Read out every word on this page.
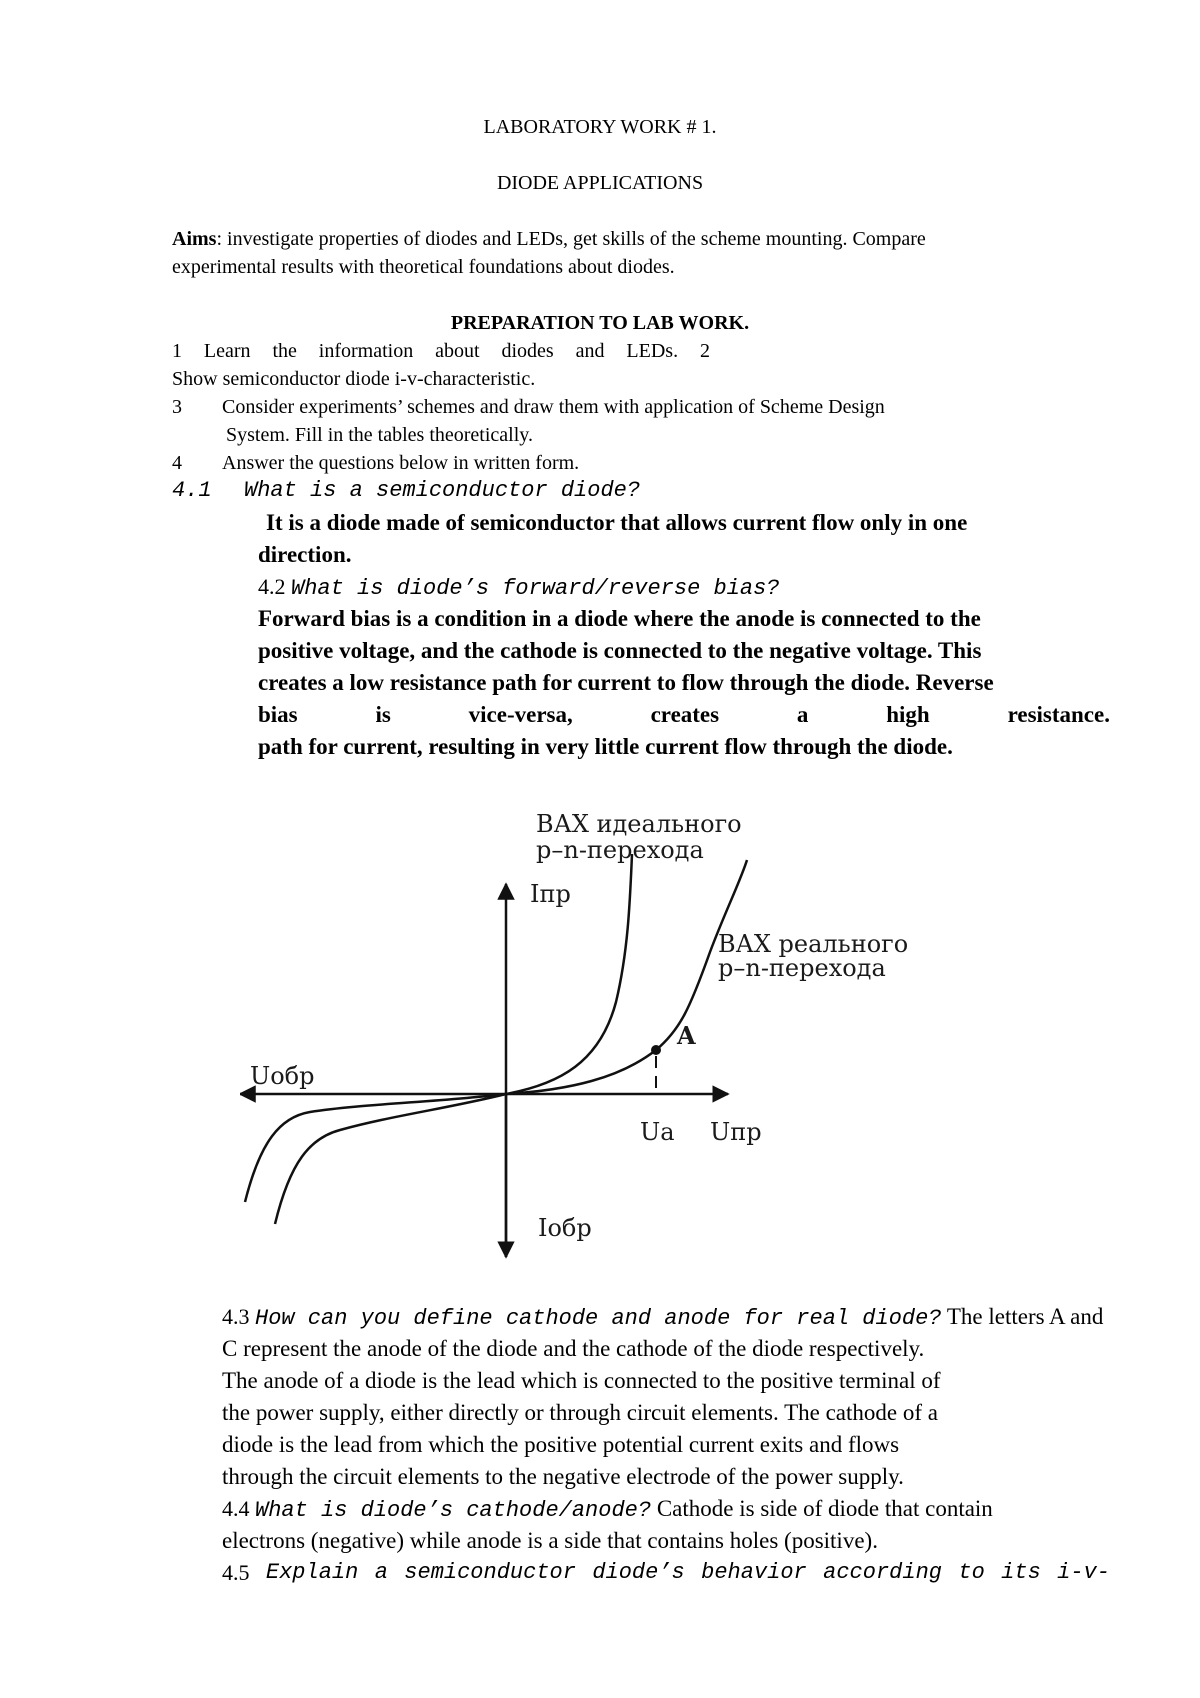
LABORATORY WORK # 1.
DIODE APPLICATIONS
Aims: investigate properties of diodes and LEDs, get skills of the scheme mounting. Compare
experimental results with theoretical foundations about diodes.
PREPARATION TO LAB WORK.
1 Learn the information about diodes and LEDs. 2
Show semiconductor diode i-v-characteristic.
3 Consider experiments’ schemes and draw them with application of Scheme Design
System. Fill in the tables theoretically.
4 Answer the questions below in written form.
4.1 What is a semiconductor diode?
It is a diode made of semiconductor that allows current flow only in one
direction.
4.2 What is diode’s forward/reverse bias?
Forward bias is a condition in a diode where the anode is connected to the
positive voltage, and the cathode is connected to the negative voltage. This
creates a low resistance path for current to flow through the diode. Reverse
bias	is	vice-versa,	creates	a	high	resistance.
path for current, resulting in very little current flow through the diode.
ВАХ идеального
p–n-перехода
ВАХ реального
p–n-перехода
Iпр
Uобр
Uпр
Iобр
A
Ua
4.3 How can you define cathode and anode for real diode? The letters A and
C represent the anode of the diode and the cathode of the diode respectively.
The anode of a diode is the lead which is connected to the positive terminal of
the power supply, either directly or through circuit elements. The cathode of a
diode is the lead from which the positive potential current exits and flows
through the circuit elements to the negative electrode of the power supply.
4.4 What is diode’s cathode/anode? Cathode is side of diode that contain
electrons (negative) while anode is a side that contains holes (positive).
4.5 Explain a semiconductor diode’s behavior according to its i-v-
